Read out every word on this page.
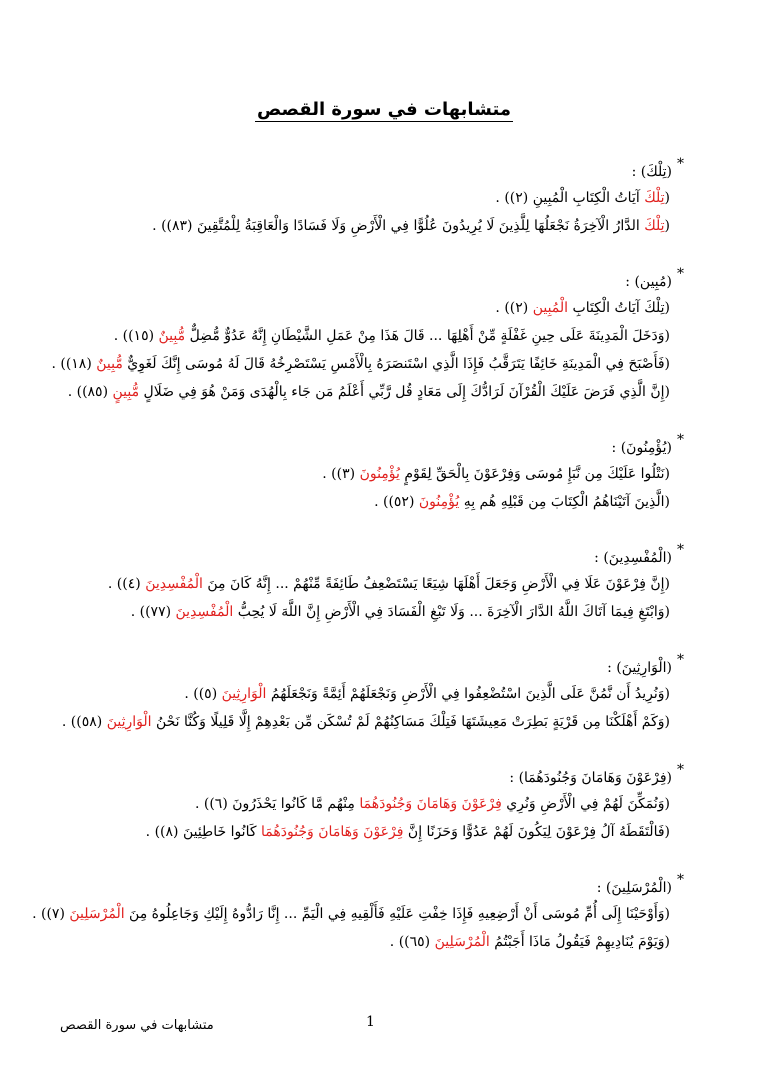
متشابهات في سورة القصص
*
(تِلْكَ) :
(تِلْكَ آيَاتُ الْكِتَابِ الْمُبِينِ (٢)) .
(تِلْكَ الدَّارُ الْآخِرَةُ نَجْعَلُهَا لِلَّذِينَ لَا يُرِيدُونَ عُلُوًّا فِي الْأَرْضِ وَلَا فَسَادًا وَالْعَاقِبَةُ لِلْمُتَّقِينَ (٨٣)) .
*
(مُبِين) :
(تِلْكَ آيَاتُ الْكِتَابِ الْمُبِين (٢)) .
(وَدَخَلَ الْمَدِينَةَ عَلَى حِينِ غَفْلَةٍ مِّنْ أَهْلِهَا ... قَالَ هَذَا مِنْ عَمَلِ الشَّيْطَانِ إِنَّهُ عَدُوٌّ مُّضِلٌّ مُّبِينٌ (١٥)) .
(فَأَصْبَحَ فِي الْمَدِينَةِ خَائِفًا يَتَرَقَّبُ فَإِذَا الَّذِي اسْتَنصَرَهُ بِالْأَمْسِ يَسْتَصْرِخُهُ قَالَ لَهُ مُوسَى إِنَّكَ لَغَوِيٌّ مُّبِينٌ (١٨)) .
(إِنَّ الَّذِي فَرَضَ عَلَيْكَ الْقُرْآنَ لَرَادُّكَ إِلَى مَعَادٍ قُل رَّبِّي أَعْلَمُ مَن جَاء بِالْهُدَى وَمَنْ هُوَ فِي ضَلَالٍ مُّبِينٍ (٨٥)) .
*
(يُؤْمِنُونَ) :
(نَتْلُوا عَلَيْكَ مِن نَّبَإِ مُوسَى وَفِرْعَوْنَ بِالْحَقِّ لِقَوْمٍ يُؤْمِنُونَ (٣)) .
(الَّذِينَ آتَيْنَاهُمُ الْكِتَابَ مِن قَبْلِهِ هُم بِهِ يُؤْمِنُونَ (٥٢)) .
*
(الْمُفْسِدِينَ) :
(إِنَّ فِرْعَوْنَ عَلَا فِي الْأَرْضِ وَجَعَلَ أَهْلَهَا شِيَعًا يَسْتَضْعِفُ طَائِفَةً مِّنْهُمْ ... إِنَّهُ كَانَ مِنَ الْمُفْسِدِينَ (٤)) .
(وَابْتَغِ فِيمَا آتَاكَ اللَّهُ الدَّارَ الْآخِرَةَ ... وَلَا تَبْغِ الْفَسَادَ فِي الْأَرْضِ إِنَّ اللَّهَ لَا يُحِبُّ الْمُفْسِدِينَ (٧٧)) .
*
(الْوَارِثِينَ) :
(وَنُرِيدُ أَن نَّمُنَّ عَلَى الَّذِينَ اسْتُضْعِفُوا فِي الْأَرْضِ وَنَجْعَلَهُمْ أَئِمَّةً وَنَجْعَلَهُمُ الْوَارِثِينَ (٥)) .
(وَكَمْ أَهْلَكْنَا مِن قَرْيَةٍ بَطِرَتْ مَعِيشَتَهَا فَتِلْكَ مَسَاكِنُهُمْ لَمْ تُسْكَن مِّن بَعْدِهِمْ إِلَّا قَلِيلًا وَكُنَّا نَحْنُ الْوَارِثِينَ (٥٨)) .
*
(فِرْعَوْنَ وَهَامَانَ وَجُنُودَهُمَا) :
(وَنُمَكِّنَ لَهُمْ فِي الْأَرْضِ وَنُرِي فِرْعَوْنَ وَهَامَانَ وَجُنُودَهُمَا مِنْهُم مَّا كَانُوا يَحْذَرُونَ (٦)) .
(فَالْتَقَطَهُ آلُ فِرْعَوْنَ لِيَكُونَ لَهُمْ عَدُوًّا وَحَزَنًا إِنَّ فِرْعَوْنَ وَهَامَانَ وَجُنُودَهُمَا كَانُوا خَاطِئِينَ (٨)) .
*
(الْمُرْسَلِينَ) :
(وَأَوْحَيْنَا إِلَى أُمِّ مُوسَى أَنْ أَرْضِعِيهِ فَإِذَا خِفْتِ عَلَيْهِ فَأَلْقِيهِ فِي الْيَمِّ ... إِنَّا رَادُّوهُ إِلَيْكِ وَجَاعِلُوهُ مِنَ الْمُرْسَلِينَ (٧)) .
(وَيَوْمَ يُنَادِيهِمْ فَيَقُولُ مَاذَا أَجَبْتُمُ الْمُرْسَلِينَ (٦٥)) .
متشابهات في سورة القصص	1
